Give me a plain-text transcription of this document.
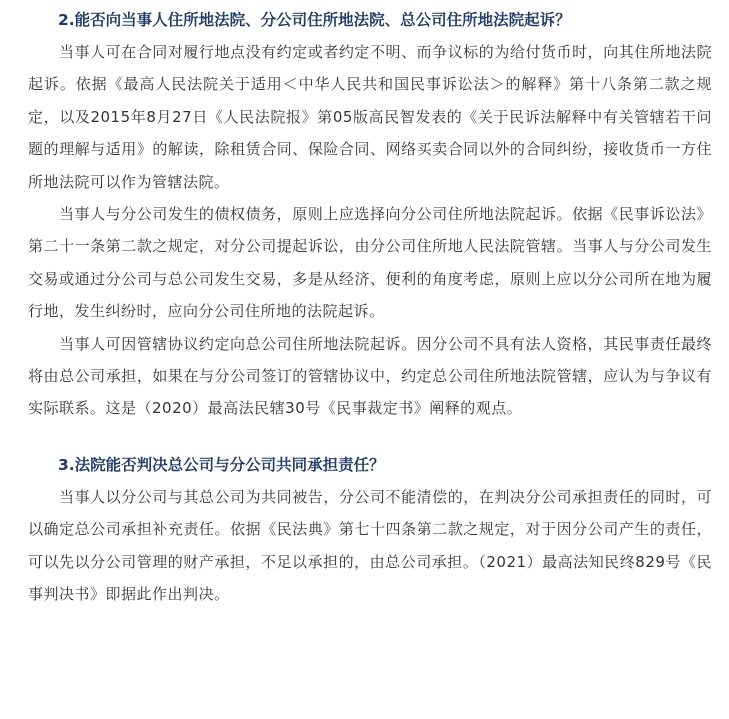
2.能否向当事人住所地法院、分公司住所地法院、总公司住所地法院起诉？

当事人可在合同对履行地点没有约定或者约定不明、而争议标的为给付货币时，向其住所地法院起诉。依据《最高人民法院关于适用＜中华人民共和国民事诉讼法＞的解释》第十八条第二款之规定，以及2015年8月27日《人民法院报》第05版高民智发表的《关于民诉法解释中有关管辖若干问题的理解与适用》的解读，除租赁合同、保险合同、网络买卖合同以外的合同纠纷，接收货币一方住所地法院可以作为管辖法院。

当事人与分公司发生的债权债务，原则上应选择向分公司住所地法院起诉。依据《民事诉讼法》第二十一条第二款之规定，对分公司提起诉讼，由分公司住所地人民法院管辖。当事人与分公司发生交易或通过分公司与总公司发生交易，多是从经济、便利的角度考虑，原则上应以分公司所在地为履行地，发生纠纷时，应向分公司住所地的法院起诉。

当事人可因管辖协议约定向总公司住所地法院起诉。因分公司不具有法人资格，其民事责任最终将由总公司承担，如果在与分公司签订的管辖协议中，约定总公司住所地法院管辖，应认为与争议有实际联系。这是（2020）最高法民辖30号《民事裁定书》阐释的观点。

3.法院能否判决总公司与分公司共同承担责任？

当事人以分公司与其总公司为共同被告，分公司不能清偿的，在判决分公司承担责任的同时，可以确定总公司承担补充责任。依据《民法典》第七十四条第二款之规定，对于因分公司产生的责任，可以先以分公司管理的财产承担，不足以承担的，由总公司承担。（2021）最高法知民终829号《民事判决书》即据此作出判决。
